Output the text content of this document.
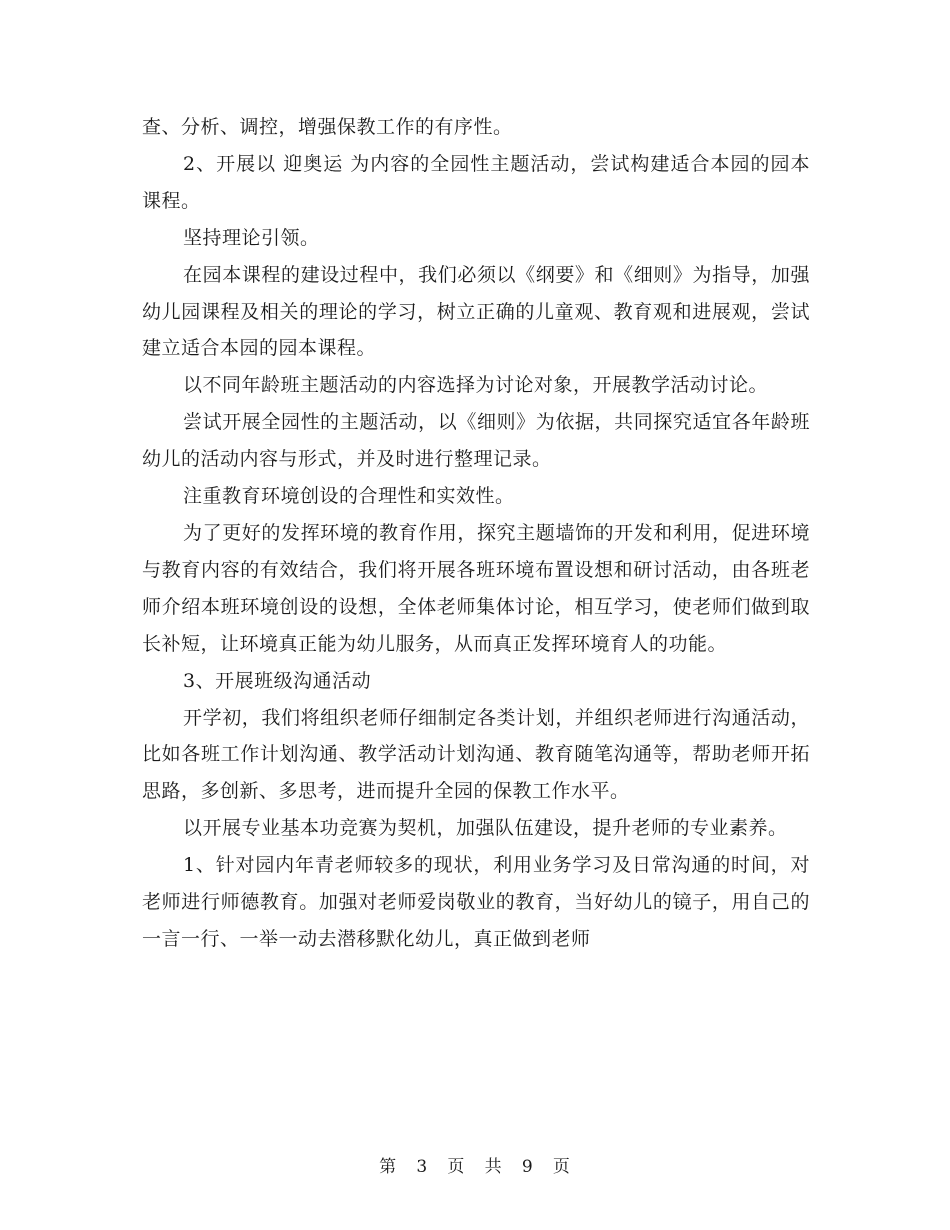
查、分析、调控，增强保教工作的有序性。

2、开展以 迎奥运 为内容的全园性主题活动，尝试构建适合本园的园本课程。

坚持理论引领。

在园本课程的建设过程中，我们必须以《纲要》和《细则》为指导，加强幼儿园课程及相关的理论的学习，树立正确的儿童观、教育观和进展观，尝试建立适合本园的园本课程。

以不同年龄班主题活动的内容选择为讨论对象，开展教学活动讨论。

尝试开展全园性的主题活动，以《细则》为依据，共同探究适宜各年龄班幼儿的活动内容与形式，并及时进行整理记录。

注重教育环境创设的合理性和实效性。

为了更好的发挥环境的教育作用，探究主题墙饰的开发和利用，促进环境与教育内容的有效结合，我们将开展各班环境布置设想和研讨活动，由各班老师介绍本班环境创设的设想，全体老师集体讨论，相互学习，使老师们做到取长补短，让环境真正能为幼儿服务，从而真正发挥环境育人的功能。

3、开展班级沟通活动

开学初，我们将组织老师仔细制定各类计划，并组织老师进行沟通活动，比如各班工作计划沟通、教学活动计划沟通、教育随笔沟通等，帮助老师开拓思路，多创新、多思考，进而提升全园的保教工作水平。

以开展专业基本功竞赛为契机，加强队伍建设，提升老师的专业素养。

1、针对园内年青老师较多的现状，利用业务学习及日常沟通的时间，对老师进行师德教育。加强对老师爱岗敬业的教育，当好幼儿的镜子，用自己的一言一行、一举一动去潜移默化幼儿，真正做到老师

第 3 页 共 9 页
